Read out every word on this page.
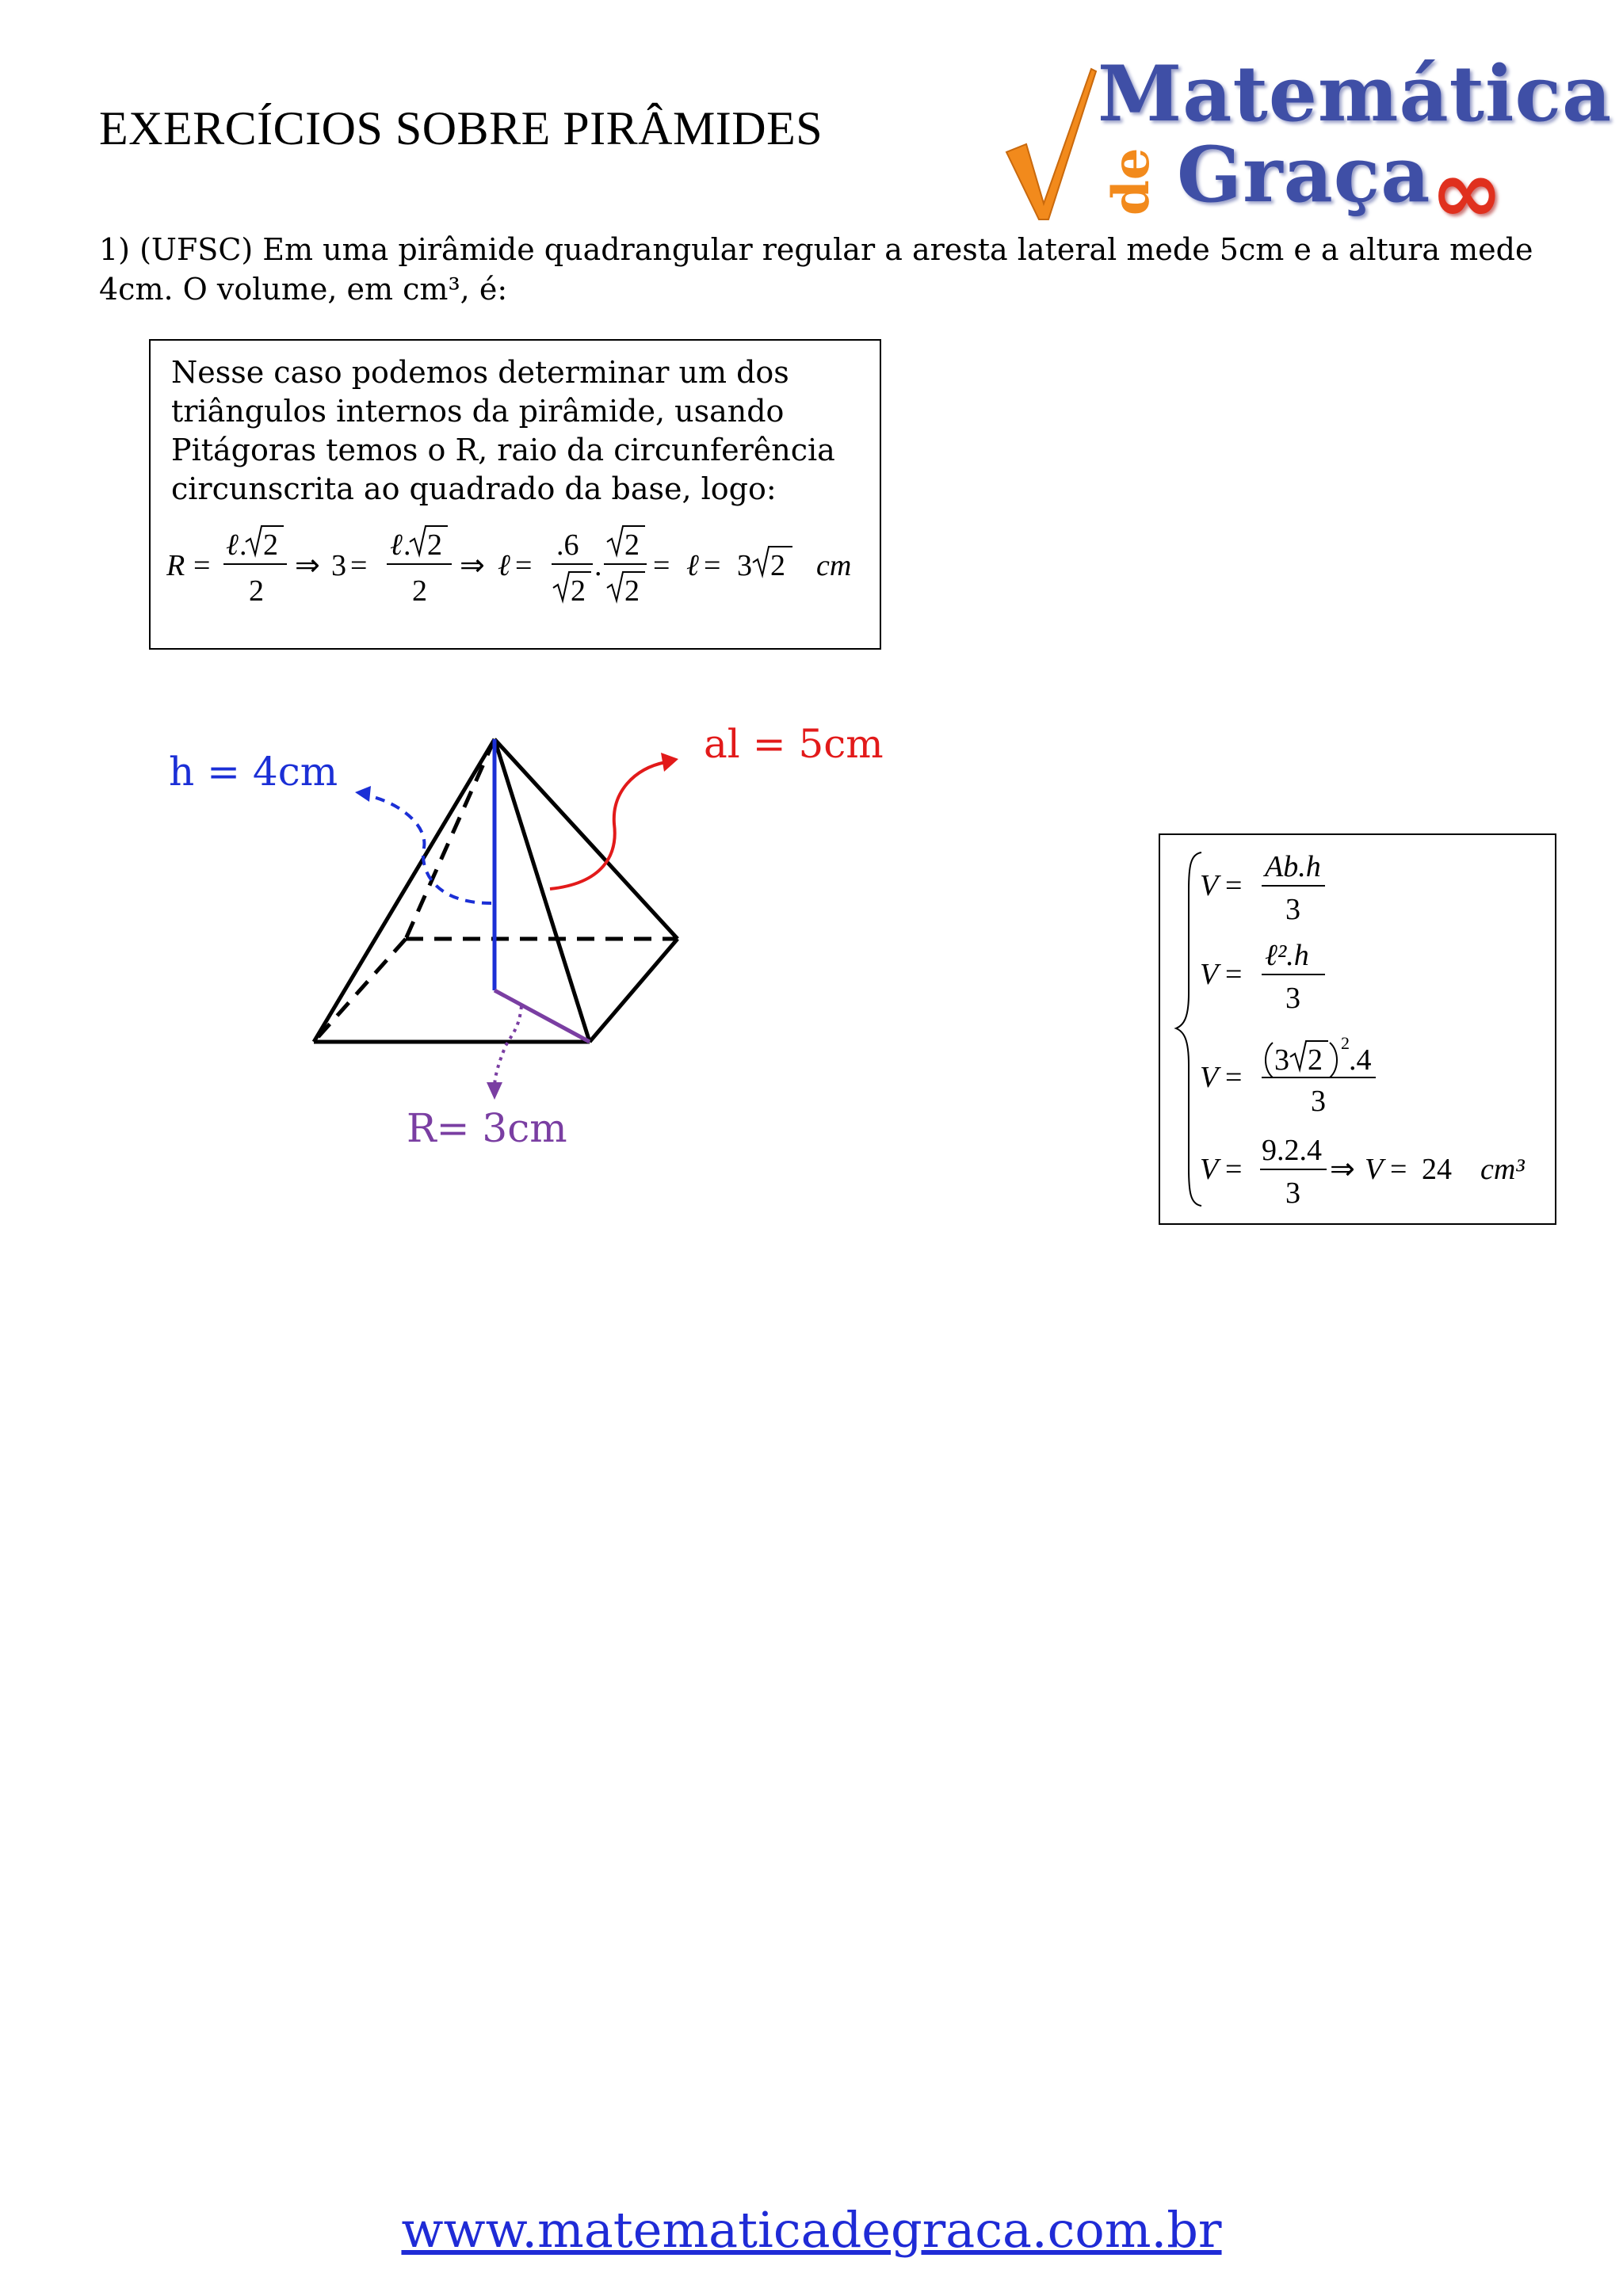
EXERCÍCIOS SOBRE PIRÂMIDES	Matemática
de Graça ∞
1) (UFSC) Em uma pirâmide quadrangular regular a aresta lateral mede 5cm e a altura mede 4cm. O volume, em cm³, é:
Nesse caso podemos determinar um dos
triângulos internos da pirâmide, usando
Pitágoras temos o R, raio da circunferência
circunscrita ao quadrado da base, logo:
R =
ℓ . 2
2
⇒ 3 =
ℓ . 2
2
⇒ ℓ =
.6
2
.
2
2
= ℓ = 3 2 cm
h = 4cm
al = 5cm
R= 3cm
V =
Ab.h
3
V =
ℓ².h
3
V =
3 2
2
.4
3
V =
9.2.4
3
⇒ V = 24 cm³
www.matematicadegraca.com.br
